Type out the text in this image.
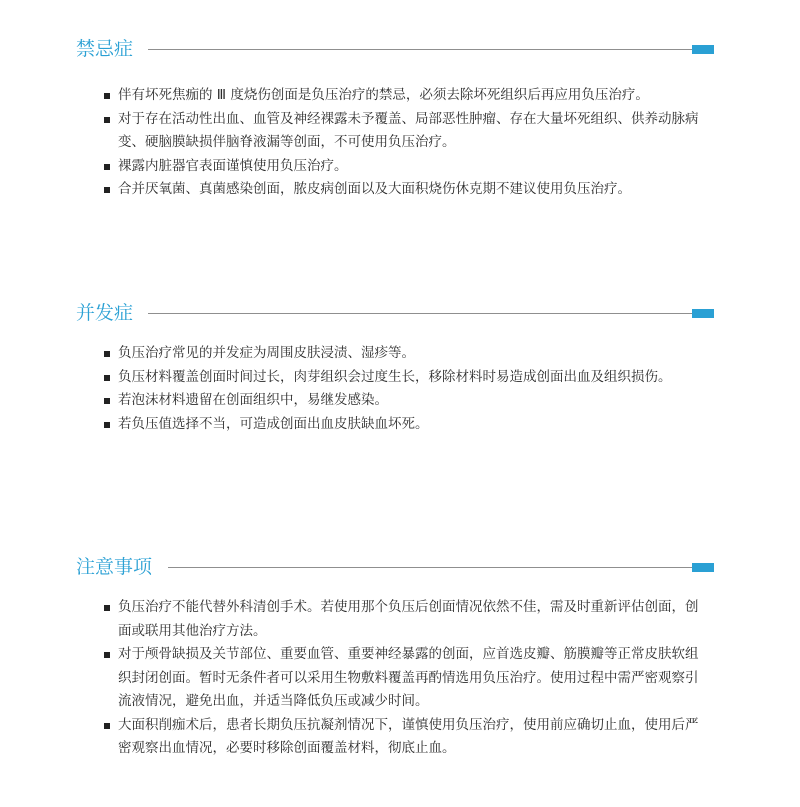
禁忌症
伴有坏死焦痂的 Ⅲ 度烧伤创面是负压治疗的禁忌，必须去除坏死组织后再应用负压治疗。
对于存在活动性出血、血管及神经裸露未予覆盖、局部恶性肿瘤、存在大量坏死组织、供养动脉病变、硬脑膜缺损伴脑脊液漏等创面，不可使用负压治疗。
裸露内脏器官表面谨慎使用负压治疗。
合并厌氧菌、真菌感染创面，脓皮病创面以及大面积烧伤休克期不建议使用负压治疗。
并发症
负压治疗常见的并发症为周围皮肤浸渍、湿疹等。
负压材料覆盖创面时间过长，肉芽组织会过度生长，移除材料时易造成创面出血及组织损伤。
若泡沫材料遗留在创面组织中，易继发感染。
若负压值选择不当，可造成创面出血皮肤缺血坏死。
注意事项
负压治疗不能代替外科清创手术。若使用那个负压后创面情况依然不佳，需及时重新评估创面，创面或联用其他治疗方法。
对于颅骨缺损及关节部位、重要血管、重要神经暴露的创面，应首选皮瓣、筋膜瓣等正常皮肤软组织封闭创面。暂时无条件者可以采用生物敷料覆盖再酌情选用负压治疗。使用过程中需严密观察引流液情况，避免出血，并适当降低负压或减少时间。
大面积削痂术后，患者长期负压抗凝剂情况下，谨慎使用负压治疗，使用前应确切止血，使用后严密观察出血情况，必要时移除创面覆盖材料，彻底止血。
